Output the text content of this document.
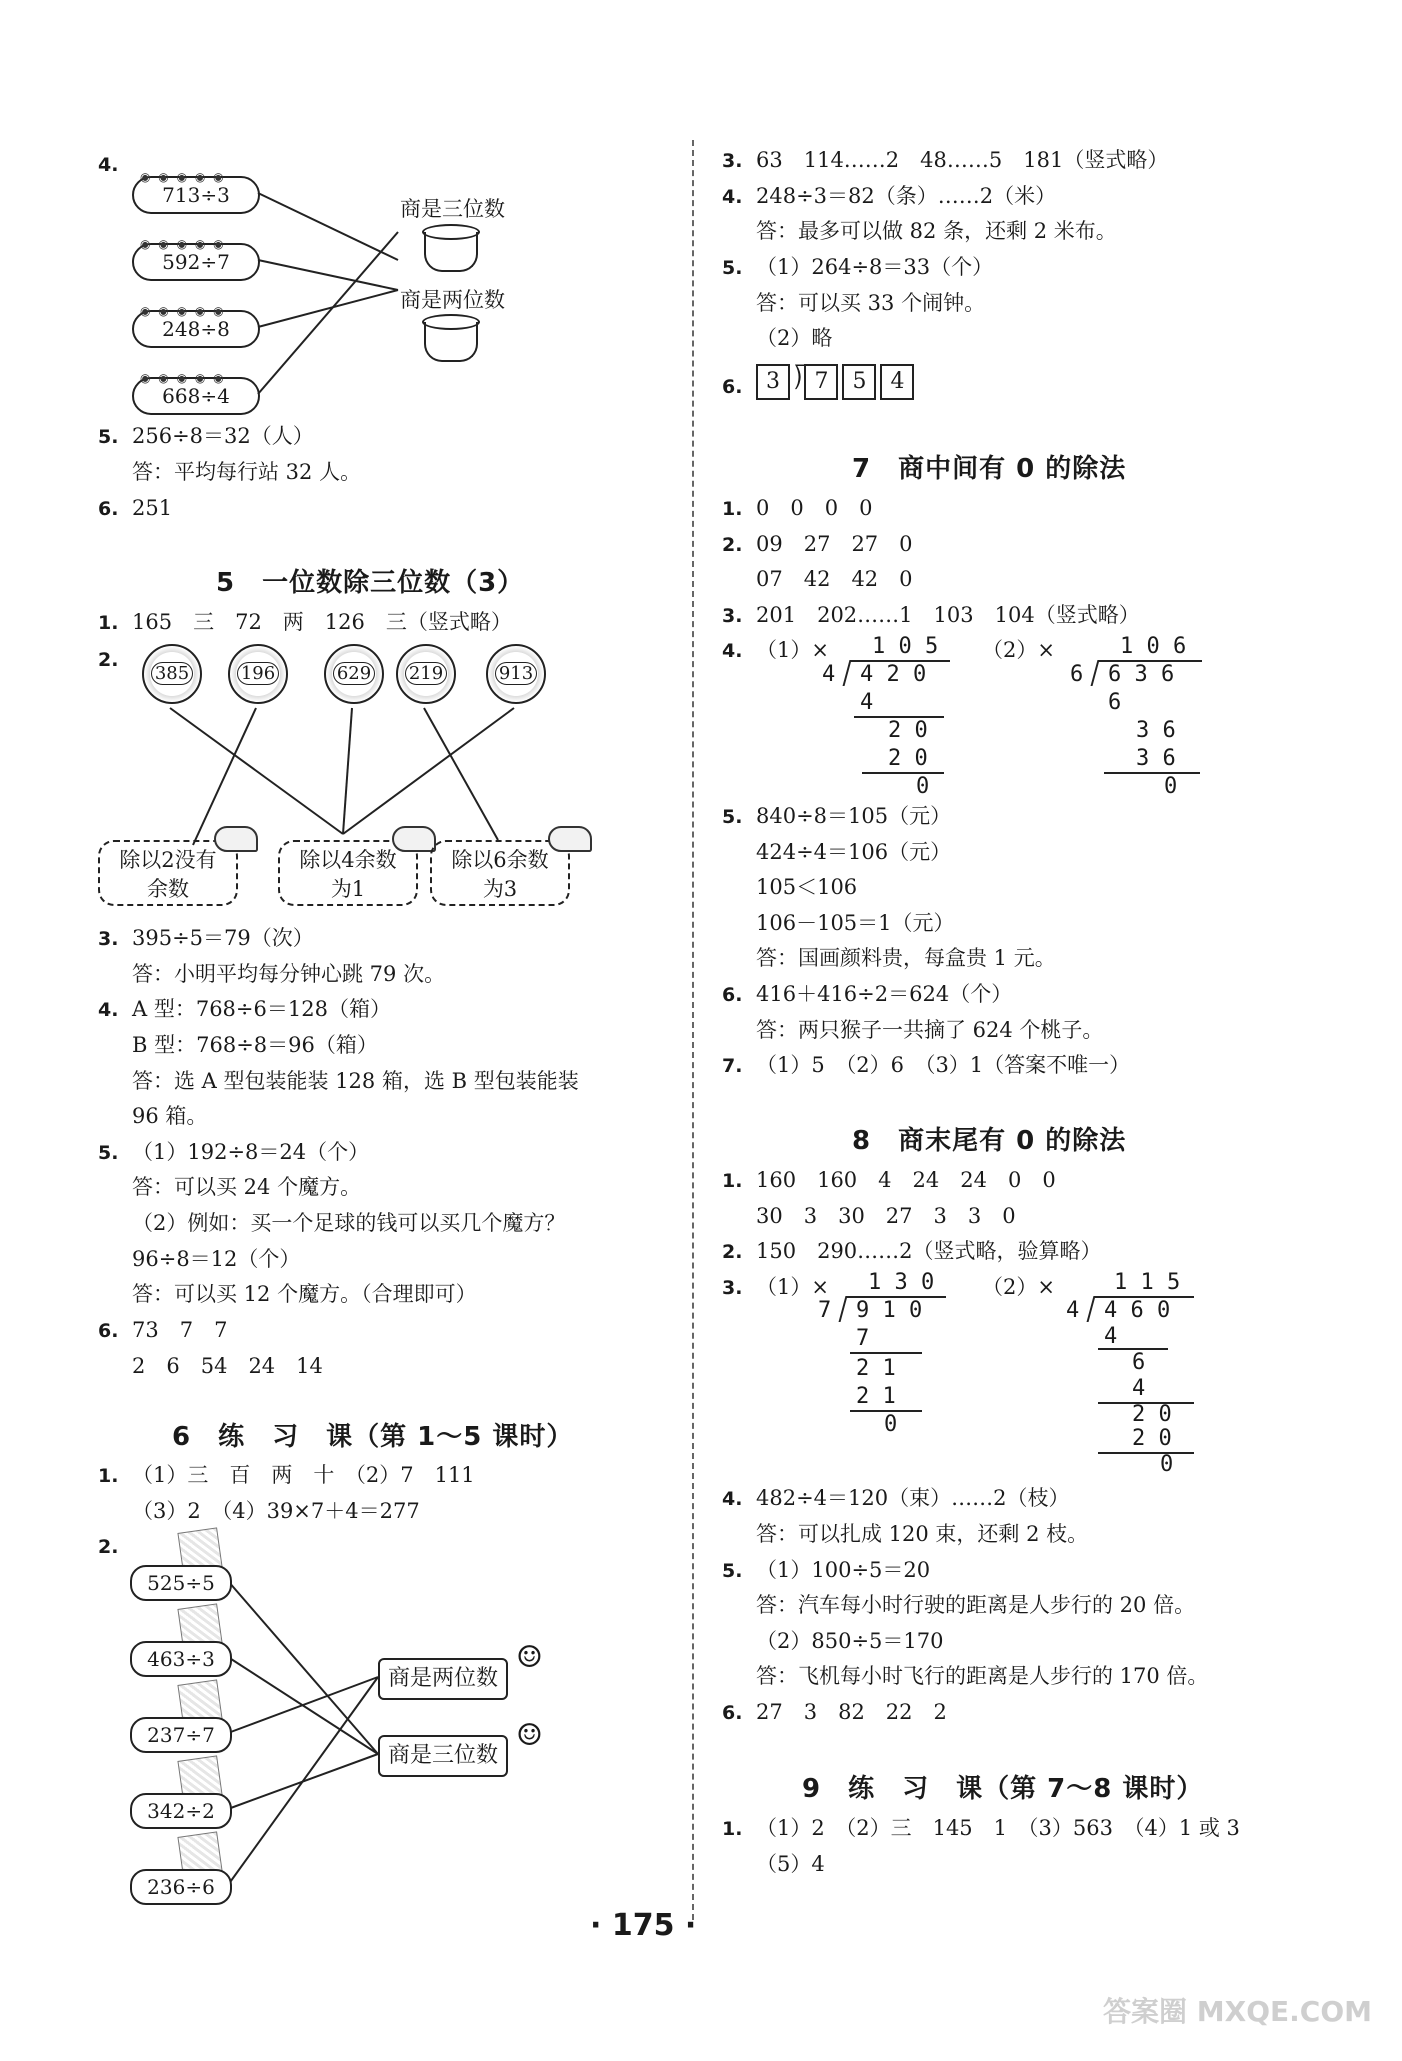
4.
◉ ◉ ◉ ◉ ◉ 713÷3
◉ ◉ ◉ ◉ ◉ 592÷7
◉ ◉ ◉ ◉ ◉ 248÷8
◉ ◉ ◉ ◉ ◉ 668÷4
商是三位数
商是两位数
5. 256÷8＝32（人）
答：平均每行站 32 人。
6. 251
5　一位数除三位数（3）
1. 165　三　72　两　126　三（竖式略）
2.
385	196	629	219	913
除以2没有
余数
除以4余数
为1
除以6余数
为3
3. 395÷5＝79（次）
答：小明平均每分钟心跳 79 次。
4. A 型：768÷6＝128（箱）
B 型：768÷8＝96（箱）
答：选 A 型包装能装 128 箱，选 B 型包装能装
96 箱。
5. （1）192÷8＝24（个）
答：可以买 24 个魔方。
（2）例如：买一个足球的钱可以买几个魔方？
96÷8＝12（个）
答：可以买 12 个魔方。（合理即可）
6. 73　7　7
2　6　54　24　14
6　练　习　课（第 1～5 课时）
1. （1）三　百　两　十　（2）7　111
（3）2　（4）39×7＋4＝277
2.
525÷5
463÷3
237÷7
342÷2
236÷6
商是两位数
☺
商是三位数
☺
3. 63　114……2　48……5　181（竖式略）
4. 248÷3＝82（条）……2（米）
答：最多可以做 82 条，还剩 2 米布。
5. （1）264÷8＝33（个）
答：可以买 33 个闹钟。
（2）略
6.	3 ⟌ 7 5 4
7　商中间有 0 的除法
1. 0　0　0　0
2. 09　27　27　0
07　42　42　0
3. 201　202……1　103　104（竖式略）
4. （1）×	（2）×
1 0 5
4 4 2 0
4
2 0
2 0
0
1 0 6
6 6 3 6
6
3 6
3 6
0
5. 840÷8＝105（元）
424÷4＝106（元）
105＜106
106－105＝1（元）
答：国画颜料贵，每盒贵 1 元。
6. 416＋416÷2＝624（个）
答：两只猴子一共摘了 624 个桃子。
7. （1）5　（2）6　（3）1（答案不唯一）
8　商末尾有 0 的除法
1. 160　160　4　24　24　0　0
30　3　30　27　3　3　0
2. 150　290……2（竖式略，验算略）
3. （1）×	（2）×
1 3 0
7 9 1 0
7
2 1
2 1
0
1 1 5
4 4 6 0
4
6
4
2 0
2 0
0
4. 482÷4＝120（束）……2（枝）
答：可以扎成 120 束，还剩 2 枝。
5. （1）100÷5＝20
答：汽车每小时行驶的距离是人步行的 20 倍。
（2）850÷5＝170
答：飞机每小时飞行的距离是人步行的 170 倍。
6. 27　3　82　22　2
9　练　习　课（第 7～8 课时）
1. （1）2　（2）三　145　1　（3）563　（4）1 或 3
（5）4
· 175 ·
答案圈 MXQE.COM
